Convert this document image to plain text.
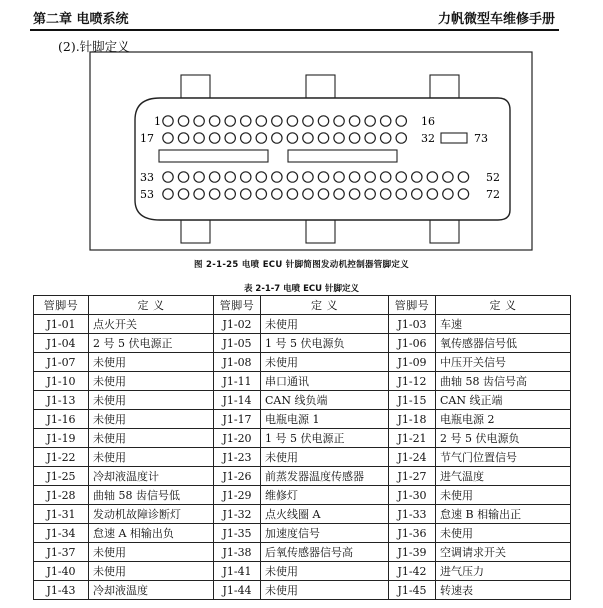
第二章 电喷系统	力帆微型车维修手册
(2).针脚定义
1	16
17	32	73
33	52
53	72
图 2-1-25 电喷 ECU 针脚简图发动机控制器管脚定义
表 2-1-7 电喷 ECU 针脚定义
管脚号	定 义	管脚号	定 义	管脚号	定 义
J1-01	点火开关	J1-02	未使用	J1-03	车速
J1-04	2 号 5 伏电源正	J1-05	1 号 5 伏电源负	J1-06	氧传感器信号低
J1-07	未使用	J1-08	未使用	J1-09	中压开关信号
J1-10	未使用	J1-11	串口通讯	J1-12	曲轴 58 齿信号高
J1-13	未使用	J1-14	CAN 线负端	J1-15	CAN 线正端
J1-16	未使用	J1-17	电瓶电源 1	J1-18	电瓶电源 2
J1-19	未使用	J1-20	1 号 5 伏电源正	J1-21	2 号 5 伏电源负
J1-22	未使用	J1-23	未使用	J1-24	节气门位置信号
J1-25	冷却液温度计	J1-26	前蒸发器温度传感器	J1-27	进气温度
J1-28	曲轴 58 齿信号低	J1-29	维修灯	J1-30	未使用
J1-31	发动机故障诊断灯	J1-32	点火线圈 A	J1-33	怠速 B 相输出正
J1-34	怠速 A 相输出负	J1-35	加速度信号	J1-36	未使用
J1-37	未使用	J1-38	后氧传感器信号高	J1-39	空调请求开关
J1-40	未使用	J1-41	未使用	J1-42	进气压力
J1-43	冷却液温度	J1-44	未使用	J1-45	转速表
